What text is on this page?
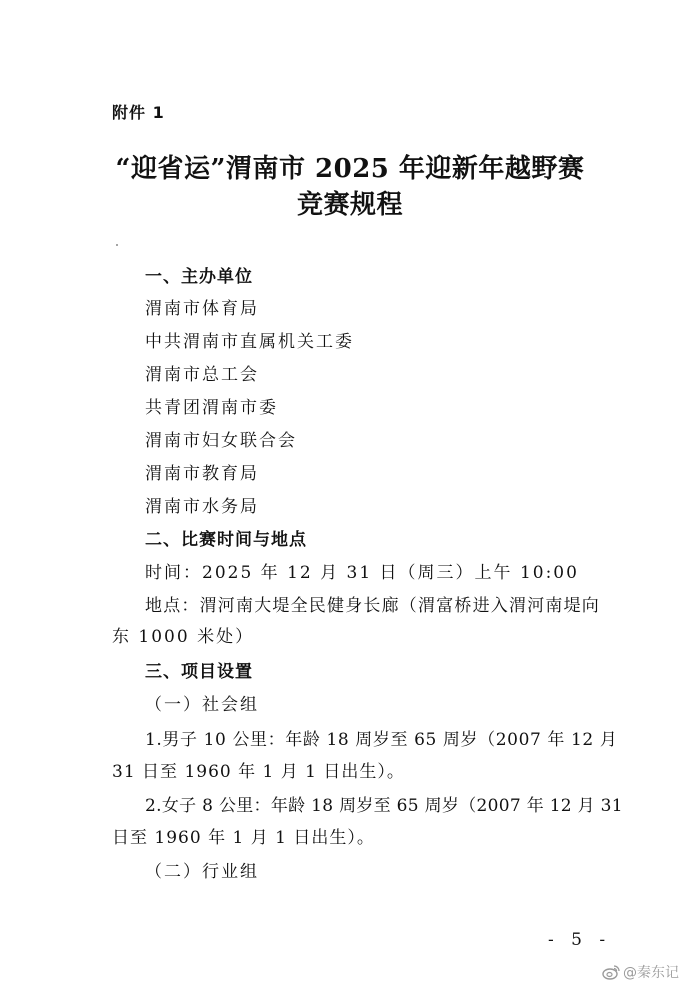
附件 1
“迎省运”渭南市 2025 年迎新年越野赛
竞赛规程
一、主办单位
渭南市体育局
中共渭南市直属机关工委
渭南市总工会
共青团渭南市委
渭南市妇女联合会
渭南市教育局
渭南市水务局
二、比赛时间与地点
时间：2025 年 12 月 31 日（周三）上午 10:00
地点：渭河南大堤全民健身长廊（渭富桥进入渭河南堤向
东 1000 米处）
三、项目设置
（一）社会组
1.男子 10 公里：年龄 18 周岁至 65 周岁（2007 年 12 月
31 日至 1960 年 1 月 1 日出生）。
2.女子 8 公里：年龄 18 周岁至 65 周岁（2007 年 12 月 31
日至 1960 年 1 月 1 日出生）。
（二）行业组
- 5 -
@秦东记
